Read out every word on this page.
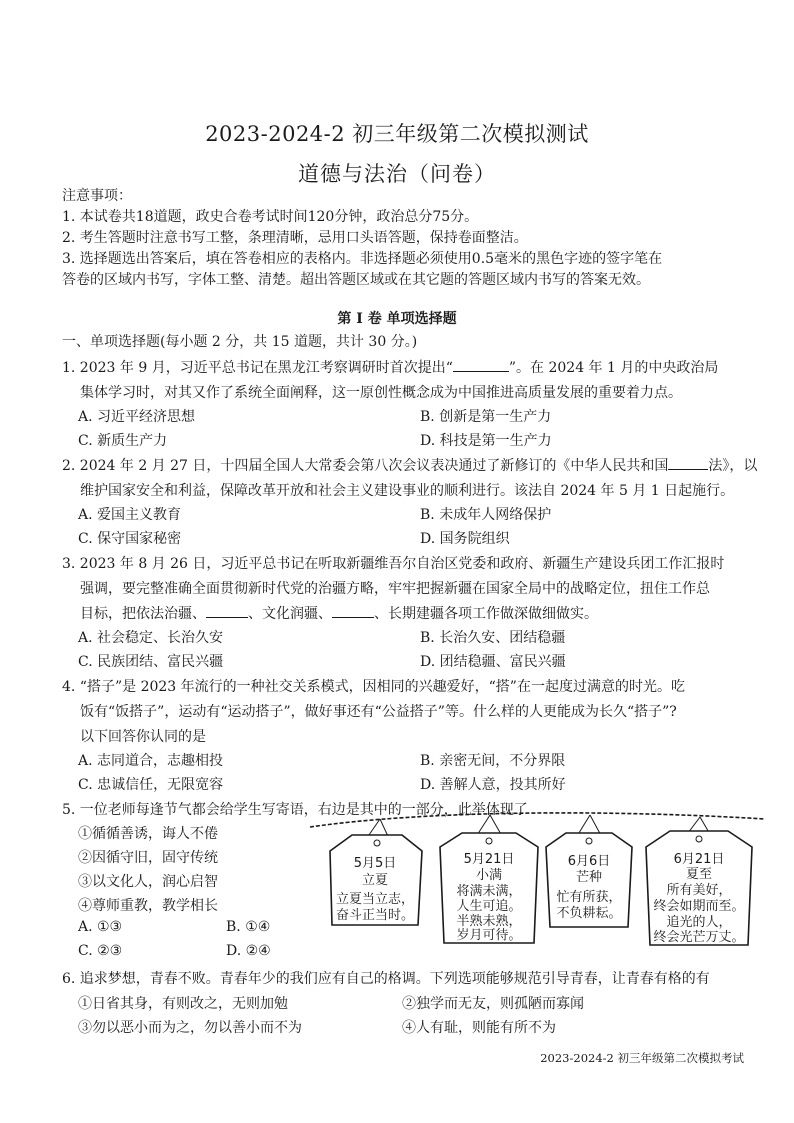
2023-2024-2 初三年级第二次模拟测试
道德与法治（问卷）
注意事项：
1. 本试卷共18道题，政史合卷考试时间120分钟，政治总分75分。
2. 考生答题时注意书写工整，条理清晰，忌用口头语答题，保持卷面整洁。
3. 选择题选出答案后，填在答卷相应的表格内。非选择题必须使用0.5毫米的黑色字迹的签字笔在
答卷的区域内书写，字体工整、清楚。超出答题区域或在其它题的答题区域内书写的答案无效。
第 I 卷 单项选择题
一、单项选择题(每小题 2 分，共 15 道题，共计 30 分。)
1. 2023 年 9 月，习近平总书记在黑龙江考察调研时首次提出“	”。在 2024 年 1 月的中央政治局
集体学习时，对其又作了系统全面阐释，这一原创性概念成为中国推进高质量发展的重要着力点。
A. 习近平经济思想	B. 创新是第一生产力
C. 新质生产力	D. 科技是第一生产力
2. 2024 年 2 月 27 日，十四届全国人大常委会第八次会议表决通过了新修订的《中华人民共和国	法》，以
维护国家安全和利益，保障改革开放和社会主义建设事业的顺利进行。该法自 2024 年 5 月 1 日起施行。
A. 爱国主义教育	B. 未成年人网络保护
C. 保守国家秘密	D. 国务院组织
3. 2023 年 8 月 26 日，习近平总书记在听取新疆维吾尔自治区党委和政府、新疆生产建设兵团工作汇报时
强调，要完整准确全面贯彻新时代党的治疆方略，牢牢把握新疆在国家全局中的战略定位，扭住工作总
目标，把依法治疆、	、文化润疆、	、长期建疆各项工作做深做细做实。
A. 社会稳定、长治久安	B. 长治久安、团结稳疆
C. 民族团结、富民兴疆	D. 团结稳疆、富民兴疆
4. “搭子”是 2023 年流行的一种社交关系模式，因相同的兴趣爱好，“搭”在一起度过满意的时光。吃
饭有“饭搭子”，运动有“运动搭子”，做好事还有“公益搭子”等。什么样的人更能成为长久“搭子”?
以下回答你认同的是
A. 志同道合，志趣相投	B. 亲密无间，不分界限
C. 忠诚信任，无限宽容	D. 善解人意，投其所好
5. 一位老师每逢节气都会给学生写寄语，右边是其中的一部分，此举体现了
①循循善诱，诲人不倦
②因循守旧，固守传统
③以文化人，润心启智
④尊师重教，教学相长
A. ①③	B. ①④
C. ②③	D. ②④
5月5日
立夏
立夏当立志，
奋斗正当时。
5月21日
小满
将满未满，
人生可追。
半熟未熟，
岁月可待。
6月6日
芒种
忙有所获，
不负耕耘。
6月21日
夏至
所有美好，
终会如期而至。
追光的人，
终会光芒万丈。
6. 追求梦想，青春不败。青春年少的我们应有自己的格调。下列选项能够规范引导青春，让青春有格的有
①日省其身，有则改之，无则加勉	②独学而无友，则孤陋而寡闻
③勿以恶小而为之，勿以善小而不为	④人有耻，则能有所不为
2023-2024-2 初三年级第二次模拟考试
